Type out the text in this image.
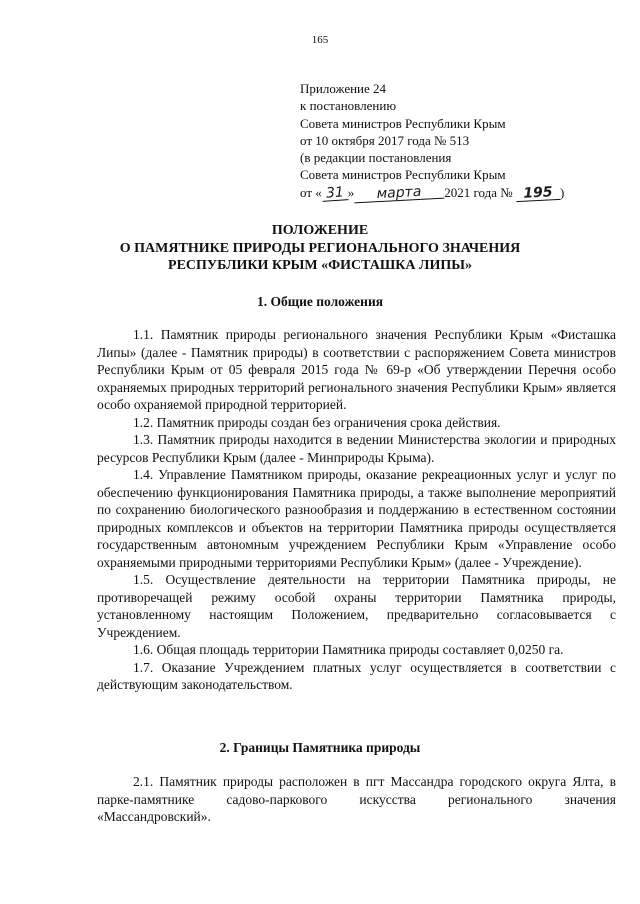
165
Приложение 24
к постановлению
Совета министров Республики Крым
от 10 октября 2017 года № 513
(в редакции постановления
Совета министров Республики Крым
от « 31 » марта 2021 года № 195 )
ПОЛОЖЕНИЕ
О ПАМЯТНИКЕ ПРИРОДЫ РЕГИОНАЛЬНОГО ЗНАЧЕНИЯ
РЕСПУБЛИКИ КРЫМ «ФИСТАШКА ЛИПЫ»
1. Общие положения

1.1. Памятник природы регионального значения Республики Крым «Фисташка Липы» (далее - Памятник природы) в соответствии с распоряжением Совета министров Республики Крым от 05 февраля 2015 года № 69-р «Об утверждении Перечня особо охраняемых природных территорий регионального значения Республики Крым» является особо охраняемой природной территорией.

1.2. Памятник природы создан без ограничения срока действия.

1.3. Памятник природы находится в ведении Министерства экологии и природных ресурсов Республики Крым (далее - Минприроды Крыма).

1.4. Управление Памятником природы, оказание рекреационных услуг и услуг по обеспечению функционирования Памятника природы, а также выполнение мероприятий по сохранению биологического разнообразия и поддержанию в естественном состоянии природных комплексов и объектов на территории Памятника природы осуществляется государственным автономным учреждением Республики Крым «Управление особо охраняемыми природными территориями Республики Крым» (далее - Учреждение).

1.5. Осуществление деятельности на территории Памятника природы, не противоречащей режиму особой охраны территории Памятника природы, установленному настоящим Положением, предварительно согласовывается с Учреждением.

1.6. Общая площадь территории Памятника природы составляет 0,0250 га.

1.7. Оказание Учреждением платных услуг осуществляется в соответствии с действующим законодательством.

2. Границы Памятника природы

2.1. Памятник природы расположен в пгт Массандра городского округа Ялта, в парке-памятнике садово-паркового искусства регионального значения «Массандровский».
